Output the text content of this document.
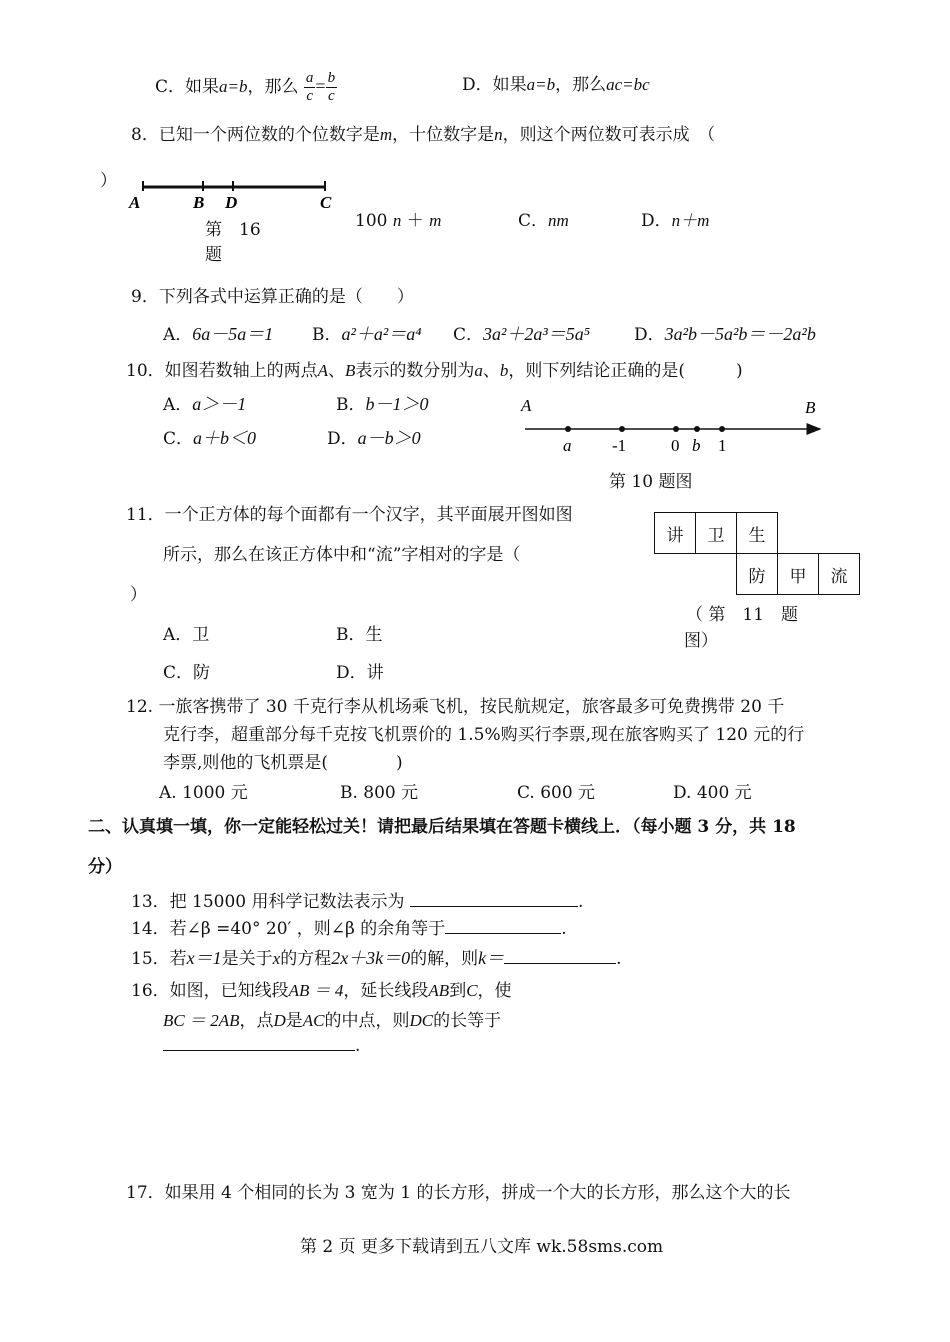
C．如果a=b，那么 $\frac{a}{c} = \frac{b}{c}$	D．如果a=b，那么ac=bc
8．已知一个两位数的个位数字是m，十位数字是n，则这个两位数可表示成　（
）
A	B D	C
第　16
题
100 n ＋ m	C．nm	D．n＋m
9．下列各式中运算正确的是（　　）
A．6a－5a＝1 B．a²＋a²＝a⁴ C．3a²＋2a³＝5a⁵	D．3a²b－5a²b＝－2a²b
10．如图若数轴上的两点A、B表示的数分别为a、b，则下列结论正确的是(　　　)
A．a＞－1	B．b－1＞0
C．a＋b＜0	D．a－b＞0
A	B
a -1	0 b 1
第 10 题图
11．一个正方体的每个面都有一个汉字，其平面展开图如图
所示，那么在该正方体中和“流”字相对的字是（
）
A．卫	B．生
C．防	D．讲
讲	卫	生		
		防	甲	流
（ 第　11　题
图）
12. 一旅客携带了 30 千克行李从机场乘飞机，按民航规定，旅客最多可免费携带 20 千
克行李，超重部分每千克按飞机票价的 1.5%购买行李票,现在旅客购买了 120 元的行
李票,则他的飞机票是(　　　　)
A. 1000 元	B. 800 元	C. 600 元	D. 400 元
二、认真填一填，你一定能轻松过关！请把最后结果填在答题卡横线上．（每小题 3 分，共 18
分）
13．把 15000 用科学记数法表示为	.
14．若∠β =40° 20′ ，则∠β 的余角等于	.
15．若x＝1是关于x的方程2x＋3k＝0的解，则k＝	.
16．如图，已知线段AB ＝ 4，延长线段AB到C，使
BC ＝ 2AB，点D是AC的中点，则DC的长等于
.
17．如果用 4 个相同的长为 3 宽为 1 的长方形，拼成一个大的长方形，那么这个大的长
第 2 页 更多下载请到五八文库 wk.58sms.com
